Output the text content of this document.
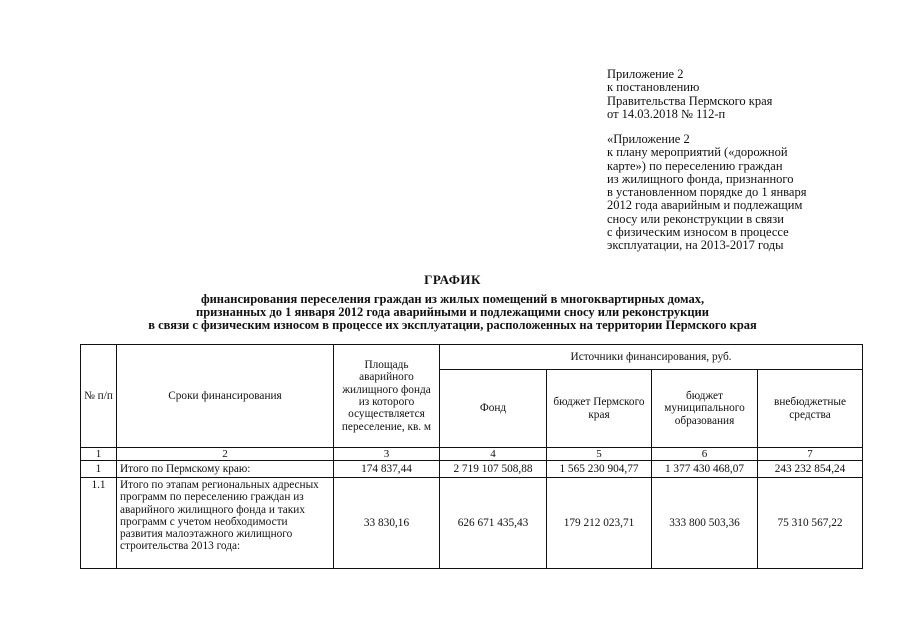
Приложение 2
к постановлению
Правительства Пермского края
от 14.03.2018 № 112-п
«Приложение 2
к плану мероприятий («дорожной
карте») по переселению граждан
из жилищного фонда, признанного
в установленном порядке до 1 января
2012 года аварийным и подлежащим
сносу или реконструкции в связи
с физическим износом в процессе
эксплуатации, на 2013-2017 годы
ГРАФИК
финансирования переселения граждан из жилых помещений в многоквартирных домах,
признанных до 1 января 2012 года аварийными и подлежащими сносу или реконструкции
в связи с физическим износом в процессе их эксплуатации, расположенных на территории Пермского края
№ п/п	Сроки финансирования	Площадь аварийного жилищного фонда из которого осуществляется переселение, кв. м	Источники финансирования, руб.			
			Фонд	бюджет Пермского края	бюджет муниципального образования	внебюджетные средства
1	2	3	4	5	6	7
1	Итого по Пермскому краю:	174 837,44	2 719 107 508,88	1 565 230 904,77	1 377 430 468,07	243 232 854,24
1.1	Итого по этапам региональных адресных программ по переселению граждан из аварийного жилищного фонда и таких программ с учетом необходимости развития малоэтажного жилищного строительства 2013 года:	33 830,16	626 671 435,43	179 212 023,71	333 800 503,36	75 310 567,22
